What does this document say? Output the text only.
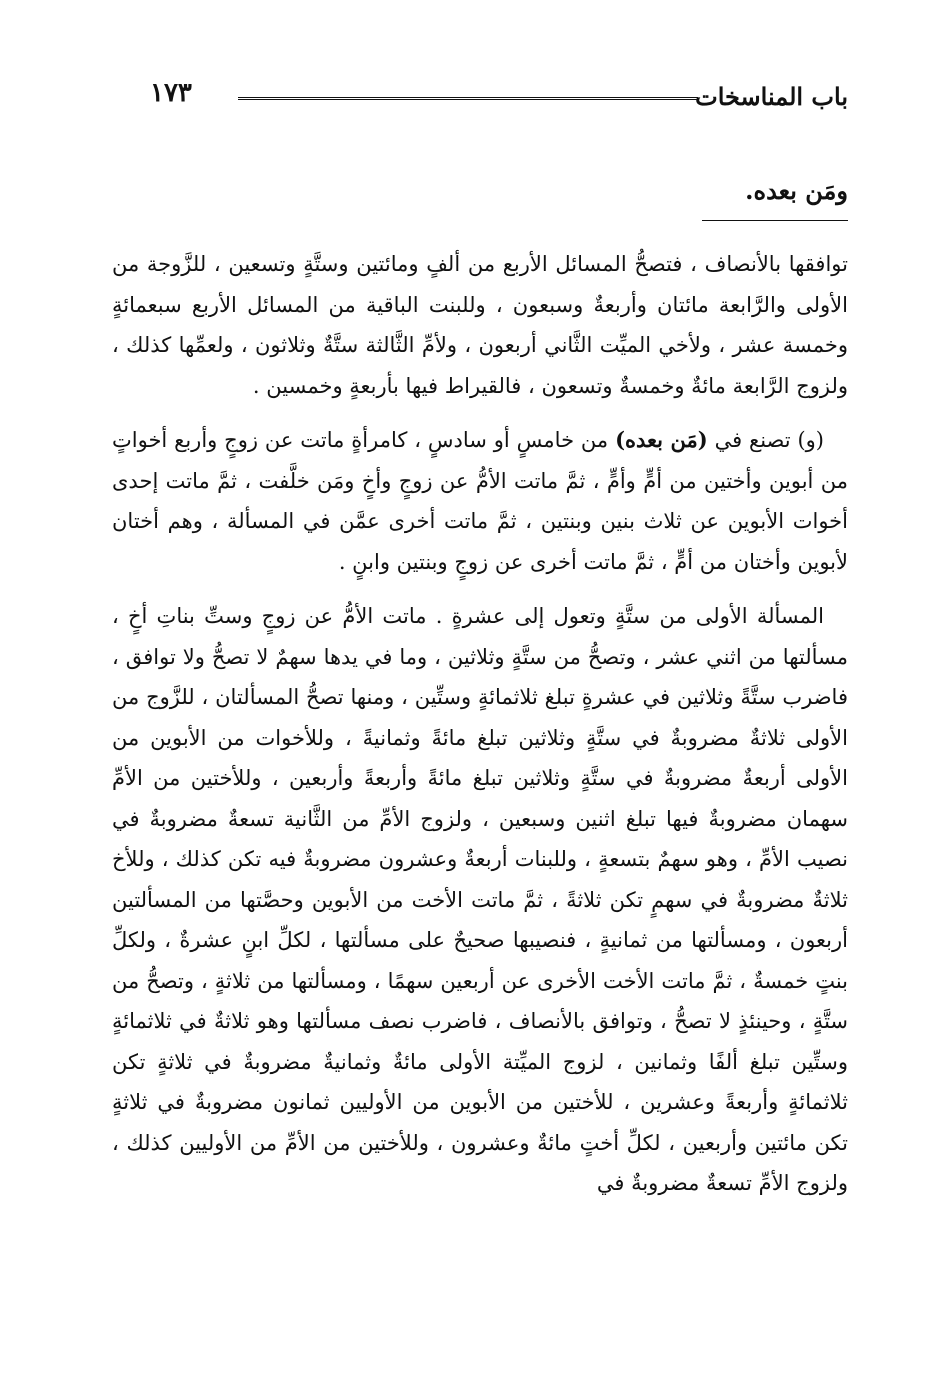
باب المناسخات
١٧٣
ومَن بعده.

توافقها بالأنصاف ، فتصحُّ المسائل الأربع من ألفٍ ومائتين وستَّةٍ وتسعين ، للزَّوجة من الأولى والرَّابعة مائتان وأربعةٌ وسبعون ، وللبنت الباقية من المسائل الأربع سبعمائةٍ وخمسة عشر ، ولأخي الميِّت الثَّاني أربعون ، ولأمِّ الثَّالثة ستَّةٌ وثلاثون ، ولعمِّها كذلك ، ولزوج الرَّابعة مائةٌ وخمسةٌ وتسعون ، فالقيراط فيها بأربعةٍ وخمسين .

(و) تصنع في (مَن بعده) من خامسٍ أو سادسٍ ، كامرأةٍ ماتت عن زوجٍ وأربع أخواتٍ من أبوين وأختين من أمٍّ وأمٍّ ، ثمَّ ماتت الأمُّ عن زوجٍ وأخٍ ومَن خلَّفت ، ثمَّ ماتت إحدى أخوات الأبوين عن ثلاث بنين وبنتين ، ثمَّ ماتت أخرى عمَّن في المسألة ، وهم أختان لأبوين وأختان من أمٍّ ، ثمَّ ماتت أخرى عن زوجٍ وبنتين وابنٍ .

المسألة الأولى من ستَّةٍ وتعول إلى عشرةٍ . ماتت الأمُّ عن زوجٍ وستِّ بناتِ أخٍ ، مسألتها من اثني عشر ، وتصحُّ من ستَّةٍ وثلاثين ، وما في يدها سهمٌ لا تصحُّ ولا توافق ، فاضرب ستَّةً وثلاثين في عشرةٍ تبلغ ثلاثمائةٍ وستِّين ، ومنها تصحُّ المسألتان ، للزَّوج من الأولى ثلاثةٌ مضروبةٌ في ستَّةٍ وثلاثين تبلغ مائةً وثمانيةً ، وللأخوات من الأبوين من الأولى أربعةٌ مضروبةٌ في ستَّةٍ وثلاثين تبلغ مائةً وأربعةً وأربعين ، وللأختين من الأمِّ سهمان مضروبةٌ فيها تبلغ اثنين وسبعين ، ولزوج الأمِّ من الثَّانية تسعةٌ مضروبةٌ في نصيب الأمِّ ، وهو سهمٌ بتسعةٍ ، وللبنات أربعةٌ وعشرون مضروبةٌ فيه تكن كذلك ، وللأخ ثلاثةٌ مضروبةٌ في سهمٍ تكن ثلاثةً ، ثمَّ ماتت الأخت من الأبوين وحصَّتها من المسألتين أربعون ، ومسألتها من ثمانيةٍ ، فنصيبها صحيحٌ على مسألتها ، لكلِّ ابنٍ عشرةٌ ، ولكلِّ بنتٍ خمسةٌ ، ثمَّ ماتت الأخت الأخرى عن أربعين سهمًا ، ومسألتها من ثلاثةٍ ، وتصحُّ من ستَّةٍ ، وحينئذٍ لا تصحُّ ، وتوافق بالأنصاف ، فاضرب نصف مسألتها وهو ثلاثةٌ في ثلاثمائةٍ وستِّين تبلغ ألفًا وثمانين ، لزوج الميِّتة الأولى مائةٌ وثمانيةٌ مضروبةٌ في ثلاثةٍ تكن ثلاثمائةٍ وأربعةً وعشرين ، للأختين من الأبوين من الأوليين ثمانون مضروبةٌ في ثلاثةٍ تكن مائتين وأربعين ، لكلِّ أختٍ مائةٌ وعشرون ، وللأختين من الأمِّ من الأوليين كذلك ، ولزوج الأمِّ تسعةٌ مضروبةٌ في
